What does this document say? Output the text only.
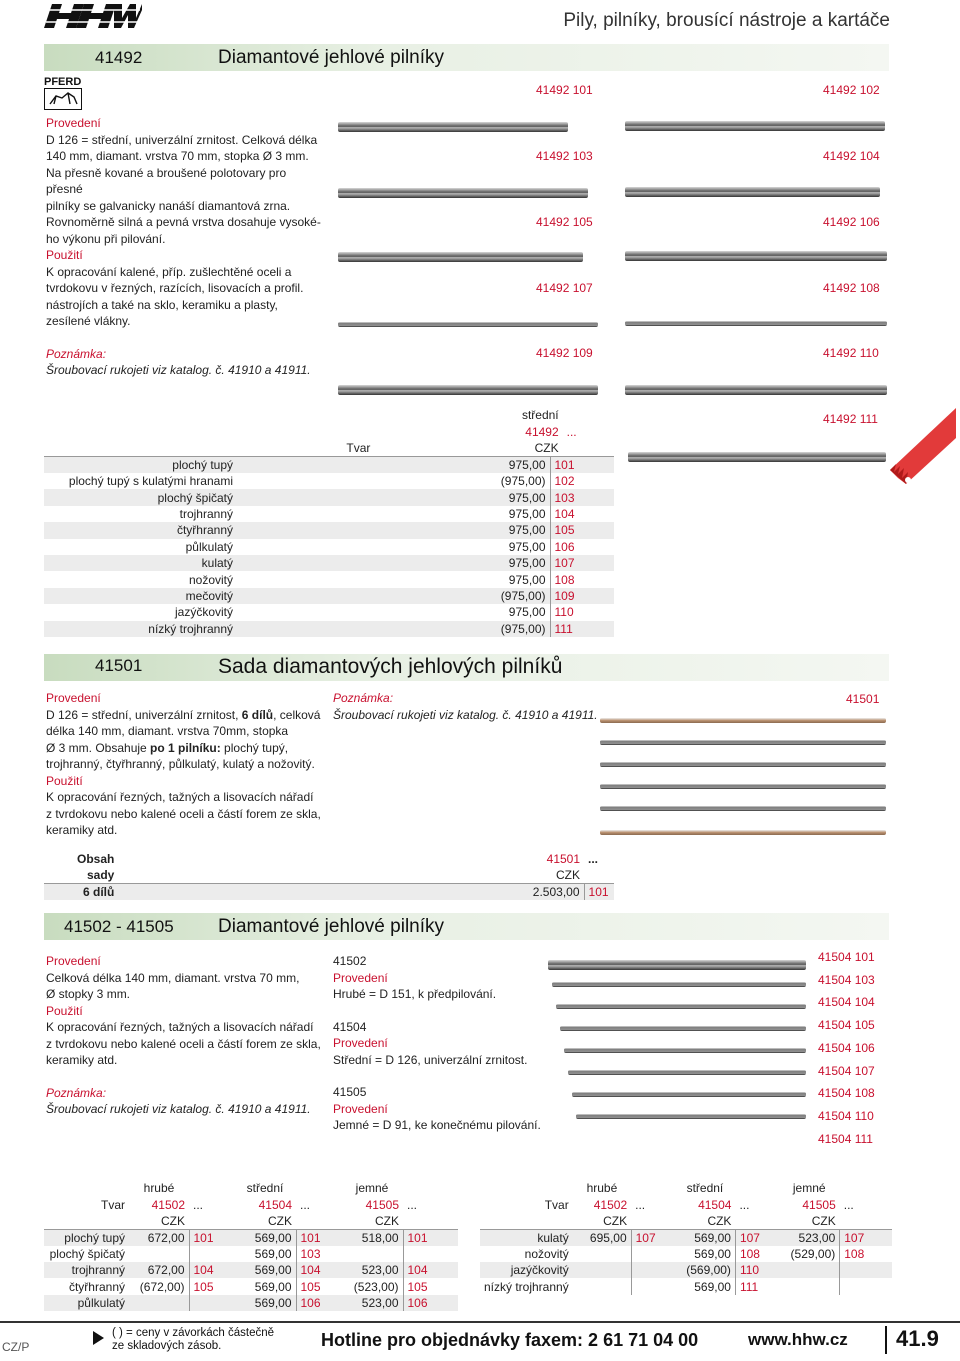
Pily, pilníky, brousící nástroje a kartáče
41492	Diamantové jehlové pilníky
PFERD
Provedení
D 126 = střední, univerzální zrnitost. Celková délka
140 mm, diamant. vrstva 70 mm, stopka Ø 3 mm.
Na přesně kované a broušené polotovary pro přesné
pilníky se galvanicky nanáší diamantová zrna.
Rovnoměrně silná a pevná vrstva dosahuje vysoké-
ho výkonu při pilování.
Použití
K opracování kalené, příp. zušlechtěné oceli a
tvrdokovu v řezných, razících, lisovacích a profil.
nástrojích a také na sklo, keramiku a plasty,
zesílené vlákny.
Poznámka:
Šroubovací rukojeti viz katalog. č. 41910 a 41911.
41492 101	41492 102
41492 103	41492 104
41492 105	41492 106
41492 107	41492 108
41492 109	41492 110
41492 111
	střední	
	41492	...
Tvar	CZK	
plochý tupý	975,00	101
plochý tupý s kulatými hranami	(975,00)	102
plochý špičatý	975,00	103
trojhranný	975,00	104
čtyřhranný	975,00	105
půlkulatý	975,00	106
kulatý	975,00	107
nožovitý	975,00	108
mečovitý	(975,00)	109
jazýčkovitý	975,00	110
nízký trojhranný	(975,00)	111
41501	Sada diamantových jehlových pilníků
Provedení
D 126 = střední, univerzální zrnitost, 6 dílů, celková
délka 140 mm, diamant. vrstva 70mm, stopka
Ø 3 mm. Obsahuje po 1 pilníku: plochý tupý,
trojhranný, čtyřhranný, půlkulatý, kulatý a nožovitý.
Použití
K opracování řezných, tažných a lisovacích nářadí
z tvrdokovu nebo kalené oceli a částí forem ze skla,
keramiky atd.
Poznámka:
Šroubovací rukojeti viz katalog. č. 41910 a 41911.
41501
Obsah	41501	...
sady	CZK	
6 dílů	2.503,00	101
41502 - 41505 Diamantové jehlové pilníky
Provedení
Celková délka 140 mm, diamant. vrstva 70 mm,
Ø stopky 3 mm.
Použití
K opracování řezných, tažných a lisovacích nářadí
z tvrdokovu nebo kalené oceli a částí forem ze skla,
keramiky atd.
Poznámka:
Šroubovací rukojeti viz katalog. č. 41910 a 41911.
41502
Provedení
Hrubé = D 151, k předpilování.
41504
Provedení
Střední = D 126, univerzální zrnitost.
41505
Provedení
Jemné = D 91, ke konečnému pilování.
41504 101
41504 103
41504 104
41504 105
41504 106
41504 107
41504 108
41504 110
41504 111
	hrubé		střední		jemné	
Tvar	41502	...	41504	...	41505	...
	CZK		CZK		CZK	
plochý tupý	672,00	101	569,00	101	518,00	101
plochý špičatý			569,00	103		
trojhranný	672,00	104	569,00	104	523,00	104
čtyřhranný	(672,00)	105	569,00	105	(523,00)	105
půlkulatý			569,00	106	523,00	106
	hrubé		střední		jemné	
Tvar	41502	...	41504	...	41505	...
	CZK		CZK		CZK	
kulatý	695,00	107	569,00	107	523,00	107
nožovitý			569,00	108	(529,00)	108
jazýčkovitý			(569,00)	110		
nízký trojhranný			569,00	111		
CZ/P
( ) = ceny v závorkách částečně
ze skladových zásob.	Hotline pro objednávky faxem: 2 61 71 04 00	www.hhw.cz 41.9
